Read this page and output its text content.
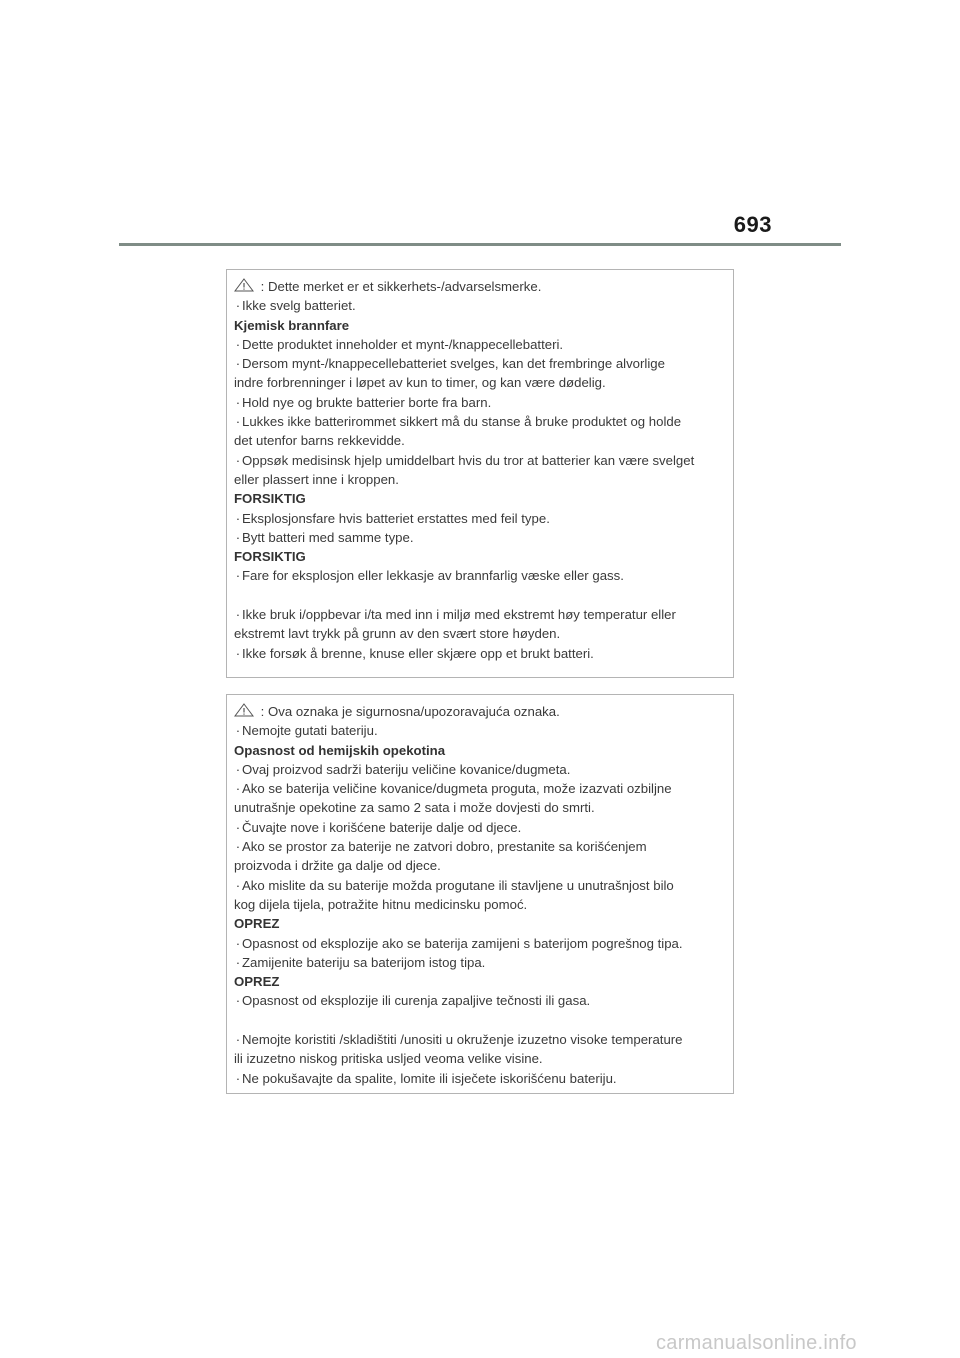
693
: Dette merket er et sikkerhets-/advarselsmerke.
· Ikke svelg batteriet.
Kjemisk brannfare
· Dette produktet inneholder et mynt-/knappecellebatteri.
· Dersom mynt-/knappecellebatteriet svelges, kan det frembringe alvorlige
indre forbrenninger i løpet av kun to timer, og kan være dødelig.
· Hold nye og brukte batterier borte fra barn.
· Lukkes ikke batterirommet sikkert må du stanse å bruke produktet og holde
det utenfor barns rekkevidde.
· Oppsøk medisinsk hjelp umiddelbart hvis du tror at batterier kan være svelget
eller plassert inne i kroppen.
FORSIKTIG
· Eksplosjonsfare hvis batteriet erstattes med feil type.
· Bytt batteri med samme type.
FORSIKTIG
· Fare for eksplosjon eller lekkasje av brannfarlig væske eller gass.
· Ikke bruk i/oppbevar i/ta med inn i miljø med ekstremt høy temperatur eller
ekstremt lavt trykk på grunn av den svært store høyden.
· Ikke forsøk å brenne, knuse eller skjære opp et brukt batteri.
: Ova oznaka je sigurnosna/upozoravajuća oznaka.
· Nemojte gutati bateriju.
Opasnost od hemijskih opekotina
· Ovaj proizvod sadrži bateriju veličine kovanice/dugmeta.
· Ako se baterija veličine kovanice/dugmeta proguta, može izazvati ozbiljne
unutrašnje opekotine za samo 2 sata i može dovjesti do smrti.
· Čuvajte nove i korišćene baterije dalje od djece.
· Ako se prostor za baterije ne zatvori dobro, prestanite sa korišćenjem
proizvoda i držite ga dalje od djece.
· Ako mislite da su baterije možda progutane ili stavljene u unutrašnjost bilo
kog dijela tijela, potražite hitnu medicinsku pomoć.
OPREZ
· Opasnost od eksplozije ako se baterija zamijeni s baterijom pogrešnog tipa.
· Zamijenite bateriju sa baterijom istog tipa.
OPREZ
· Opasnost od eksplozije ili curenja zapaljive tečnosti ili gasa.
· Nemojte koristiti /skladištiti /unositi u okruženje izuzetno visoke temperature
ili izuzetno niskog pritiska usljed veoma velike visine.
· Ne pokušavajte da spalite, lomite ili isječete iskorišćenu bateriju.
carmanualsonline.info
